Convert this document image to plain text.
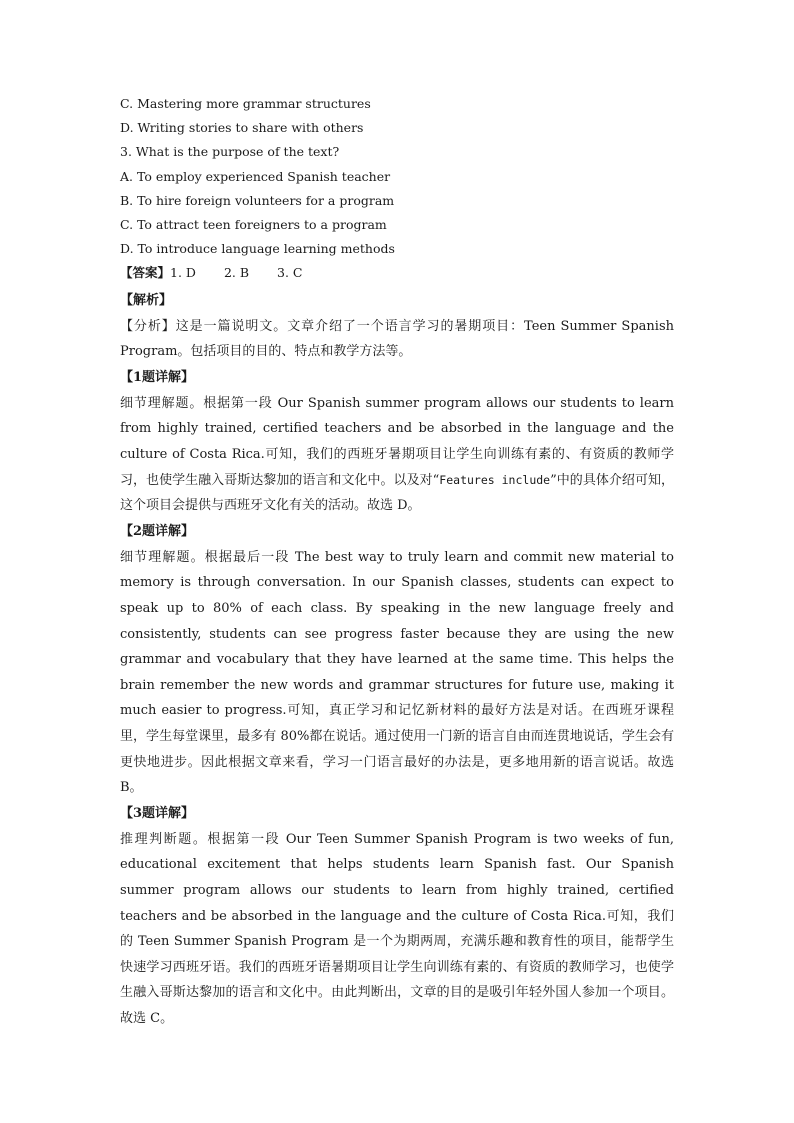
C. Mastering more grammar structures
D. Writing stories to share with others
3. What is the purpose of the text?
A. To employ experienced Spanish teacher
B. To hire foreign volunteers for a program
C. To attract teen foreigners to a program
D. To introduce language learning methods
【答案】1. D 2. B 3. C

【解析】

【分析】这是一篇说明文。文章介绍了一个语言学习的暑期项目：Teen Summer Spanish Program。包括项目的目的、特点和教学方法等。

【1题详解】

细节理解题。根据第一段 Our Spanish summer program allows our students to learn from highly trained, certified teachers and be absorbed in the language and the culture of Costa Rica.可知，我们的西班牙暑期项目让学生向训练有素的、有资质的教师学习，也使学生融入哥斯达黎加的语言和文化中。以及对“Features include”中的具体介绍可知，这个项目会提供与西班牙文化有关的活动。故选 D。

【2题详解】

细节理解题。根据最后一段 The best way to truly learn and commit new material to memory is through conversation. In our Spanish classes, students can expect to speak up to 80% of each class. By speaking in the new language freely and consistently, students can see progress faster because they are using the new grammar and vocabulary that they have learned at the same time. This helps the brain remember the new words and grammar structures for future use, making it much easier to progress.可知，真正学习和记忆新材料的最好方法是对话。在西班牙课程里，学生每堂课里，最多有 80%都在说话。通过使用一门新的语言自由而连贯地说话，学生会有更快地进步。因此根据文章来看，学习一门语言最好的办法是，更多地用新的语言说话。故选 B。

【3题详解】

推理判断题。根据第一段 Our Teen Summer Spanish Program is two weeks of fun, educational excitement that helps students learn Spanish fast. Our Spanish summer program allows our students to learn from highly trained, certified teachers and be absorbed in the language and the culture of Costa Rica.可知，我们的 Teen Summer Spanish Program 是一个为期两周，充满乐趣和教育性的项目，能帮学生快速学习西班牙语。我们的西班牙语暑期项目让学生向训练有素的、有资质的教师学习，也使学生融入哥斯达黎加的语言和文化中。由此判断出，文章的目的是吸引年轻外国人参加一个项目。故选 C。
